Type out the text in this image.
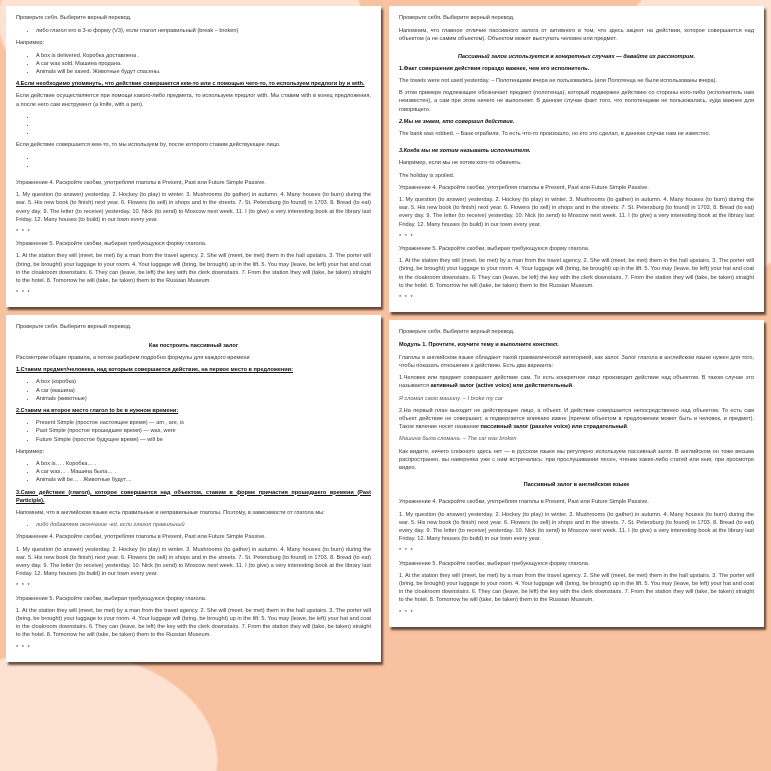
Проверьте себя. Выберите верный перевод.

• либо глагол его в 3-ю форму (V3), если глагол неправильный (break – broken)

Например:

• A box is delivered. Коробка доставлена .
• A car was sold. Машина продана.
• Animals will be saved. Животные будут спасены.

4.Если необходимо упомянуть, что действие совершается кем-то или с помощью чего-то, то используем предлоги by и with.

Если действие осуществляется при помощи какого-либо предмета, то используем предлог with. Мы ставим with в конец предложения, а после него сам инструмент (a knife, with a pen).

•
•
•

Если действие совершается кем-то, то мы используем by, после которого ставим действующее лицо.

•
•

Упражнение 4. Раскройте скобки, употребляя глаголы в Present, Past или Future Simple Passive.

1. My question (to answer) yesterday. 2. Hockey (to play) in winter. 3. Mushrooms (to gather) in autumn. 4. Many houses (to burn) during the war. 5. His new book (to finish) next year. 6. Flowers (to sell) in shops and in the streets. 7. St. Petersburg (to found) in 1703. 8. Bread (to eat) every day. 9. The letter (to receive) yesterday. 10. Nick (to send) to Moscow next week. 11. I (to give) a very interesting book at the library last Friday. 12. Many houses (to build) in our town every year.

* * *

Упражнение 5. Раскройте скобки, выбирая требующуюся форму глагола.

1. At the station they will (meet, be met) by a man from the travel agency. 2. She will (meet, be met) them in the hall upstairs. 3. The porter will (bring, be brought) your luggage to your room. 4. Your luggage will (bring, be brought) up in the lift. 5. You may (leave, be left) your hat and coat in the cloakroom downstairs. 6. They can (leave, be left) the key with the clerk downstairs. 7. From the station they will (take, be taken) straight to the hotel. 8. Tomorrow he will (take, be taken) them to the Russian Museum.

* * *

Проверьте себя. Выберите верный перевод.

Как построить пассивный залог

Рассмотрим общие правила, а потом разберем подробно формулы для каждого времени

1.Ставим предмет/человека, над которым совершается действие, на первое место в предложении:

• A box (коробка)
• A car (машина)
• Animals (животные)

2.Ставим на второе место глагол to be в нужном времени:

• Present Simple (простое настоящее время) — am , are, is
• Past Simple (простое прошедшее время) — was, were
• Future Simple (простое будущее время) — will be

Например:

• A box is… . Коробка… .
• A car was… . Машина была… .
• Animals will be… . Животные будут…

3.Само действие (глагол), которое совершается над объектом, ставим в форме причастия прошедшего времени (Past Participle).

Напомним, что в английском языке есть правильные и неправильные глаголы. Поэтому, в зависимости от глагола мы:

• либо добавляем окончание -ed, если глагол правильный

Упражнение 4. Раскройте скобки, употребляя глаголы в Present, Past или Future Simple Passive.

1. My question (to answer) yesterday. 2. Hockey (to play) in winter. 3. Mushrooms (to gather) in autumn. 4. Many houses (to burn) during the war. 5. His new book (to finish) next year. 6. Flowers (to sell) in shops and in the streets. 7. St. Petersburg (to found) in 1703. 8. Bread (to eat) every day. 9. The letter (to receive) yesterday. 10. Nick (to send) to Moscow next week. 11. I (to give) a very interesting book at the library last Friday. 12. Many houses (to build) in our town every year.

* * *

Упражнение 5. Раскройте скобки, выбирая требующуюся форму глагола.

1. At the station they will (meet, be met) by a man from the travel agency. 2. She will (meet, be met) them in the hall upstairs. 3. The porter will (bring, be brought) your luggage to your room. 4. Your luggage will (bring, be brought) up in the lift. 5. You may (leave, be left) your hat and coat in the cloakroom downstairs. 6. They can (leave, be left) the key with the clerk downstairs. 7. From the station they will (take, be taken) straight to the hotel. 8. Tomorrow he will (take, be taken) them to the Russian Museum.

* * *

Проверьте себя. Выберите верный перевод.

Напомним, что главное отличие пассивного залога от активного в том, что здесь акцент на действии, которое совершается над объектом (а не самим объектом). Объектом может выступать человек или предмет.

Пассивный залог используется в конкретных случаях — давайте их рассмотрим.

1.Факт совершения действия гораздо важнее, чем его исполнитель.

The towels were not used yesterday. – Полотенцами вчера не пользовались (или Полотенца не были использованы вчера).

В этом примере подлежащее обозначает предмет (полотенца), который подвержен действию со стороны кого-либо (исполнитель нам неизвестен), а сам при этом ничего не выполняет. В данном случае факт того, что полотенцами не пользовались, куда важнее для говорящего.

2.Мы не знаем, кто совершил действие.

The bank was robbed. – Банк ограбили. То есть что-то произошло, но кто это сделал, в данном случае нам не известно.

3.Когда мы не хотим называть исполнителя.

Например, если мы не хотим кого-то обвинять.

The holiday is spoiled.

Упражнение 4. Раскройте скобки, употребляя глаголы в Present, Past или Future Simple Passive.

1. My question (to answer) yesterday. 2. Hockey (to play) in winter. 3. Mushrooms (to gather) in autumn. 4. Many houses (to burn) during the war. 5. His new book (to finish) next year. 6. Flowers (to sell) in shops and in the streets. 7. St. Petersburg (to found) in 1703. 8. Bread (to eat) every day. 9. The letter (to receive) yesterday. 10. Nick (to send) to Moscow next week. 11. I (to give) a very interesting book at the library last Friday. 12. Many houses (to build) in our town every year.

* * *

Упражнение 5. Раскройте скобки, выбирая требующуюся форму глагола.

1. At the station they will (meet, be met) by a man from the travel agency. 2. She will (meet, be met) them in the hall upstairs. 3. The porter will (bring, be brought) your luggage to your room. 4. Your luggage will (bring, be brought) up in the lift. 5. You may (leave, be left) your hat and coat in the cloakroom downstairs. 6. They can (leave, be left) the key with the clerk downstairs. 7. From the station they will (take, be taken) straight to the hotel. 8. Tomorrow he will (take, be taken) them to the Russian Museum.

* * *

Проверьте себя. Выберите верный перевод.

Модуль 1. Прочтите, изучите тему и выполните конспект.

Глаголы в английском языке обладают такой грамматической категорией, как залог. Залог глагола в английском языке нужен для того, чтобы показать отношение к действию. Есть два варианта:

1.Человек или предмет совершает действие сам. То есть конкретное лицо производит действие над объектом. В таком случае это называется активный залог (active voice) или действительный.

Я сломал свою машину. – I broke my car

2.На первый план выходит не действующее лицо, а объект. И действие совершается непосредственно над объектом. То есть сам объект действие не совершает, а подвергается влиянию извне (причем объектом в предложении может быть и человек, и предмет). Такое явление носит название пассивный залог (passive voice) или страдательный.

Машина была сломана. – The car was broken

Как видите, ничего сложного здесь нет — в русском языке мы регулярно используем пассивный залог. В английском он тоже весьма распространен, вы наверняка уже с ним встречались: при прослушивании песен, чтении каких-либо статей или книг, при просмотре видео.

Пассивный залог в английском языке

Упражнение 4. Раскройте скобки, употребляя глаголы в Present, Past или Future Simple Passive.

1. My question (to answer) yesterday. 2. Hockey (to play) in winter. 3. Mushrooms (to gather) in autumn. 4. Many houses (to burn) during the war. 5. His new book (to finish) next year. 6. Flowers (to sell) in shops and in the streets. 7. St. Petersburg (to found) in 1703. 8. Bread (to eat) every day. 9. The letter (to receive) yesterday. 10. Nick (to send) to Moscow next week. 11. I (to give) a very interesting book at the library last Friday. 12. Many houses (to build) in our town every year.

* * *

Упражнение 5. Раскройте скобки, выбирая требующуюся форму глагола.

1. At the station they will (meet, be met) by a man from the travel agency. 2. She will (meet, be met) them in the hall upstairs. 3. The porter will (bring, be brought) your luggage to your room. 4. Your luggage will (bring, be brought) up in the lift. 5. You may (leave, be left) your hat and coat in the cloakroom downstairs. 6. They can (leave, be left) the key with the clerk downstairs. 7. From the station they will (take, be taken) straight to the hotel. 8. Tomorrow he will (take, be taken) them to the Russian Museum.

* * *
